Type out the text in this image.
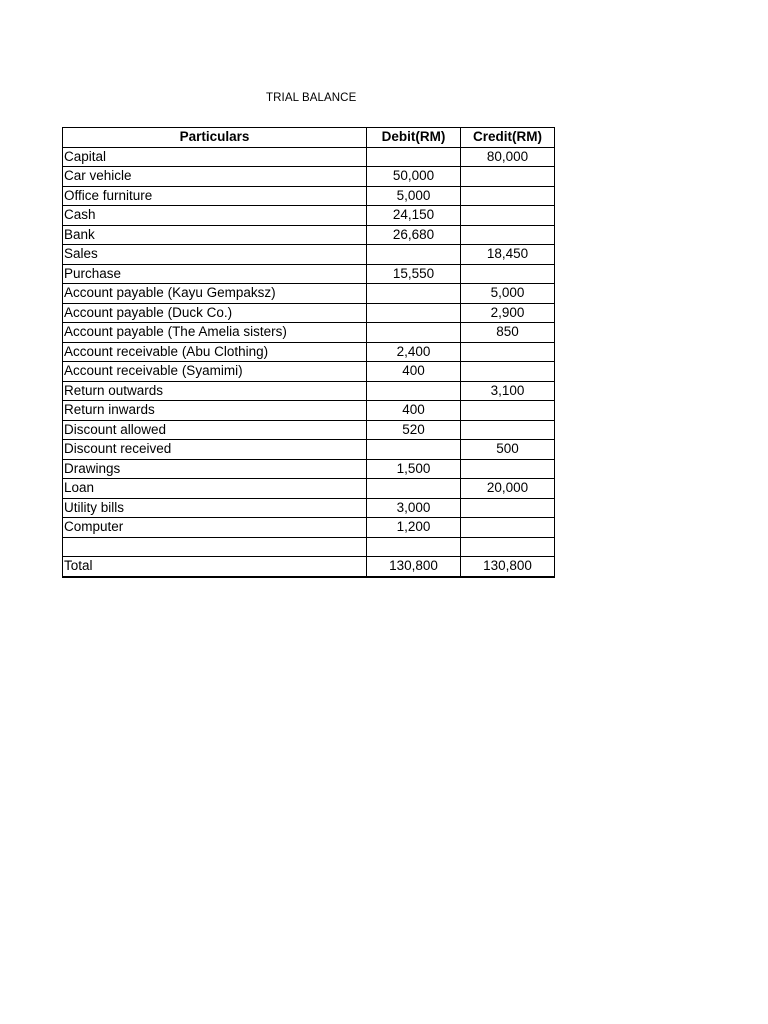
TRIAL BALANCE
Particulars	Debit(RM)	Credit(RM)
Capital		80,000
Car vehicle	50,000	
Office furniture	5,000	
Cash	24,150	
Bank	26,680	
Sales		18,450
Purchase	15,550	
Account payable (Kayu Gempaksz)		5,000
Account payable (Duck Co.)		2,900
Account payable (The Amelia sisters)		850
Account receivable (Abu Clothing)	2,400	
Account receivable (Syamimi)	400	
Return outwards		3,100
Return inwards	400	
Discount allowed	520	
Discount received		500
Drawings	1,500	
Loan		20,000
Utility bills	3,000	
Computer	1,200	

Total	130,800	130,800
